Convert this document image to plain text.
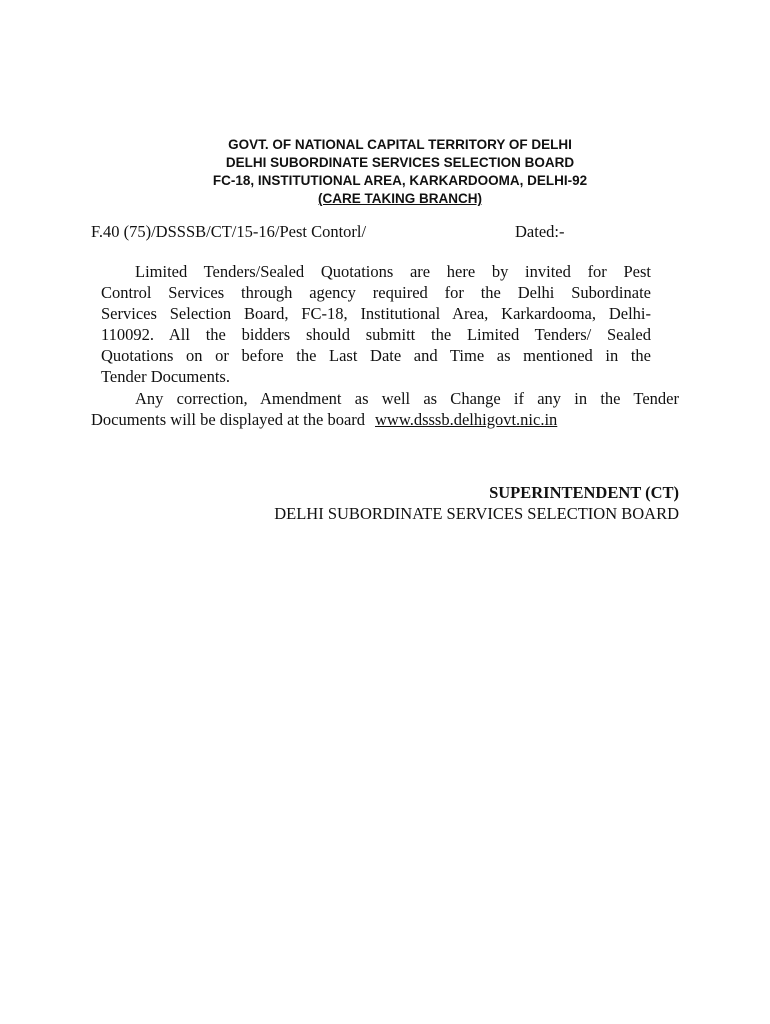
GOVT. OF NATIONAL CAPITAL TERRITORY OF DELHI
DELHI SUBORDINATE SERVICES SELECTION BOARD
FC-18, INSTITUTIONAL AREA, KARKARDOOMA, DELHI-92
(CARE TAKING BRANCH)
F.40 (75)/DSSSB/CT/15-16/Pest Contorl/	Dated:-
Limited Tenders/Sealed Quotations are here by invited for Pest
Control Services through agency required for the Delhi Subordinate
Services Selection Board, FC-18, Institutional Area, Karkardooma, Delhi-
110092. All the bidders should submitt the Limited Tenders/ Sealed
Quotations on or before the Last Date and Time as mentioned in the
Tender Documents.
Any correction, Amendment as well as Change if any in the Tender
Documents will be displayed at the board www.dsssb.delhigovt.nic.in
SUPERINTENDENT (CT)
DELHI SUBORDINATE SERVICES SELECTION BOARD
